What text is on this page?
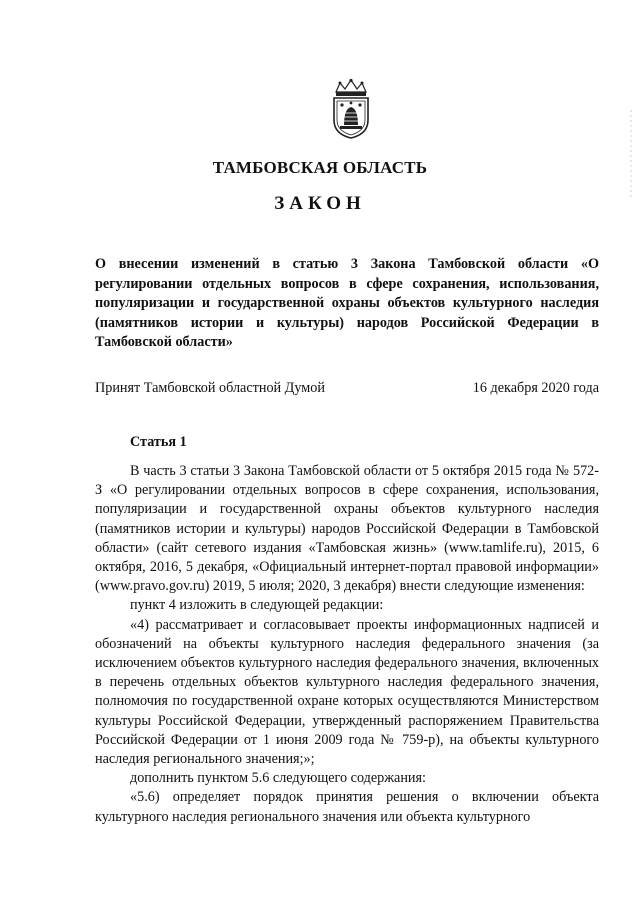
ТАМБОВСКАЯ ОБЛАСТЬ
ЗАКОН
О внесении изменений в статью 3 Закона Тамбовской области «О регулировании отдельных вопросов в сфере сохранения, использования, популяризации и государственной охраны объектов культурного наследия (памятников истории и культуры) народов Российской Федерации в Тамбовской области»
Принят Тамбовской областной Думой	16 декабря 2020 года
Статья 1

В часть 3 статьи 3 Закона Тамбовской области от 5 октября 2015 года № 572-З «О регулировании отдельных вопросов в сфере сохранения, использования, популяризации и государственной охраны объектов культурного наследия (памятников истории и культуры) народов Российской Федерации в Тамбовской области» (сайт сетевого издания «Тамбовская жизнь» (www.tamlife.ru), 2015, 6 октября, 2016, 5 декабря, «Официальный интернет-портал правовой информации» (www.pravo.gov.ru) 2019, 5 июля; 2020, 3 декабря) внести следующие изменения:

пункт 4 изложить в следующей редакции:

«4) рассматривает и согласовывает проекты информационных надписей и обозначений на объекты культурного наследия федерального значения (за исключением объектов культурного наследия федерального значения, включенных в перечень отдельных объектов культурного наследия федерального значения, полномочия по государственной охране которых осуществляются Министерством культуры Российской Федерации, утвержденный распоряжением Правительства Российской Федерации от 1 июня 2009 года № 759-р), на объекты культурного наследия регионального значения;»;

дополнить пунктом 5.6 следующего содержания:

«5.6) определяет порядок принятия решения о включении объекта культурного наследия регионального значения или объекта культурного
